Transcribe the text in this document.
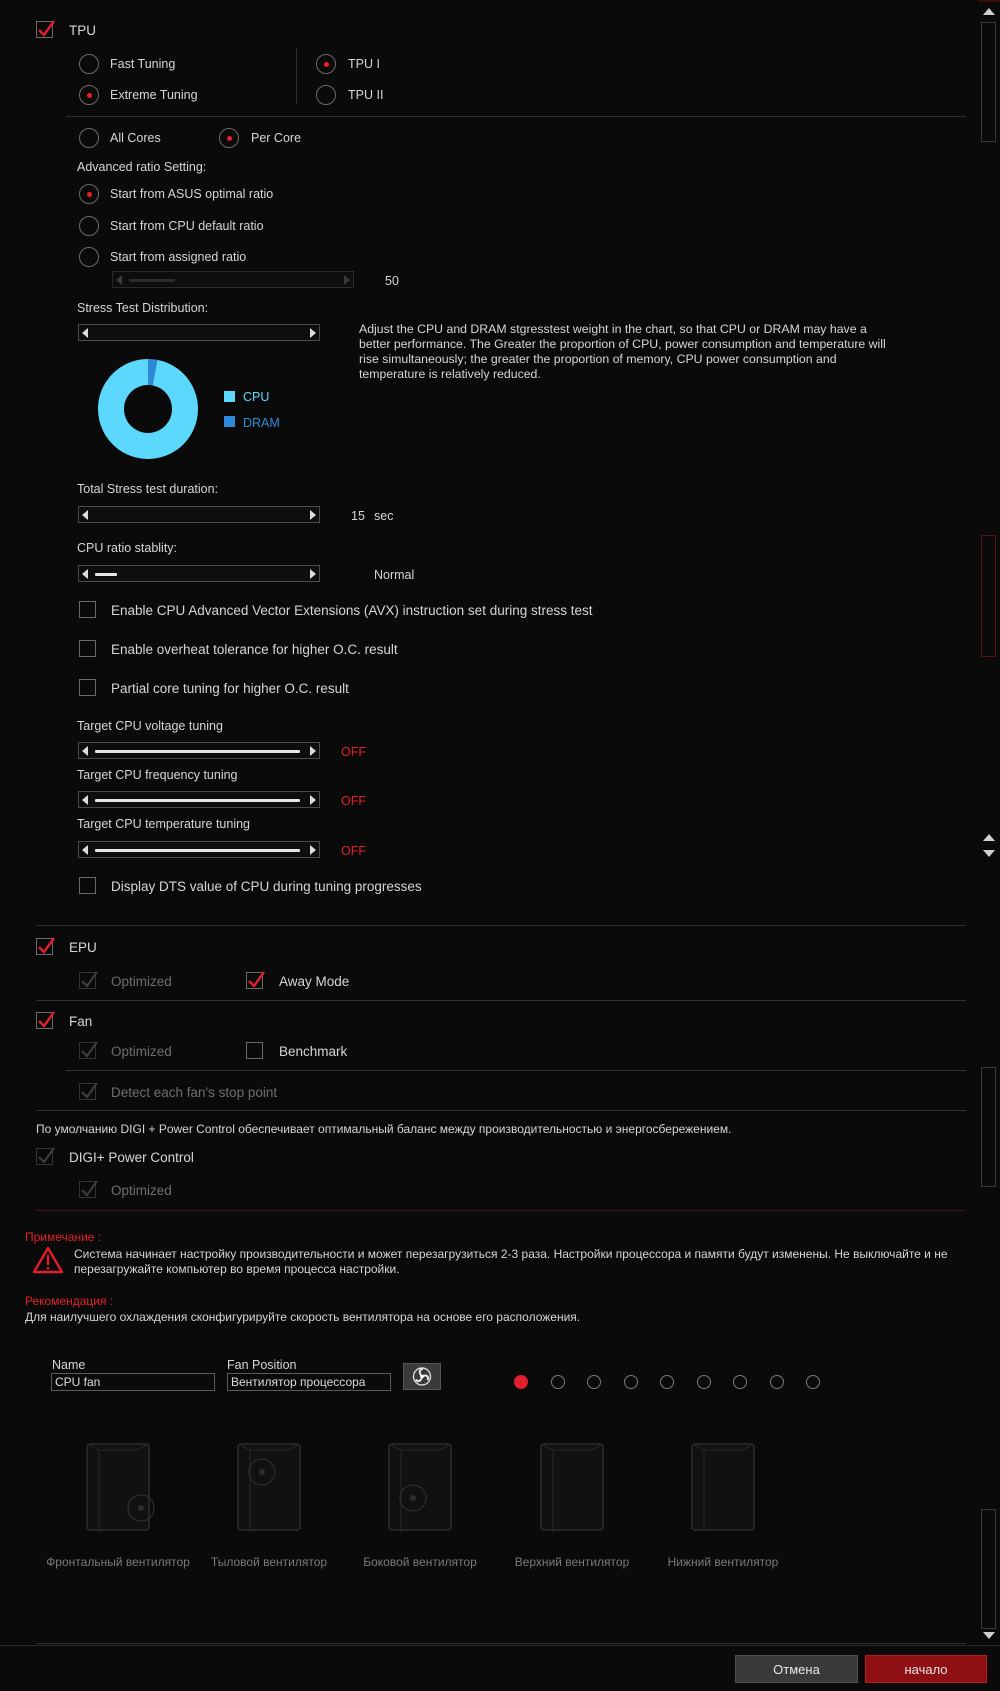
TPU
Fast Tuning
Extreme Tuning
TPU I
TPU II
All Cores	Per Core
Advanced ratio Setting:
Start from ASUS optimal ratio
Start from CPU default ratio
Start from assigned ratio
50
Stress Test Distribution:
Adjust the CPU and DRAM stgresstest weight in the chart, so that CPU or DRAM may have a better performance. The Greater the proportion of CPU, power consumption and temperature will rise simultaneously; the greater the proportion of memory, CPU power consumption and temperature is relatively reduced.
CPU
DRAM
Total Stress test duration:
15 sec
CPU ratio stablity:
Normal
Enable CPU Advanced Vector Extensions (AVX) instruction set during stress test
Enable overheat tolerance for higher O.C. result
Partial core tuning for higher O.C. result
Target CPU voltage tuning
OFF
Target CPU frequency tuning
OFF
Target CPU temperature tuning
OFF
Display DTS value of CPU during tuning progresses
EPU
Optimized	Away Mode
Fan
Optimized	Benchmark
Detect each fan's stop point
По умолчанию DIGI + Power Control обеспечивает оптимальный баланс между производительностью и энергосбережением.
DIGI+ Power Control
Optimized
Примечание :
Система начинает настройку производительности и может перезагрузиться 2-3 раза. Настройки процессора и памяти будут изменены. Не выключайте и не перезагружайте компьютер во время процесса настройки.
Рекомендация :
Для наилучшего охлаждения сконфигурируйте скорость вентилятора на основе его расположения.
Name
CPU fan	Fan Position
Вентилятор процессора
Фронтальный вентилятор	Тыловой вентилятор	Боковой вентилятор	Верхний вентилятор	Нижний вентилятор
Отмена	начало
